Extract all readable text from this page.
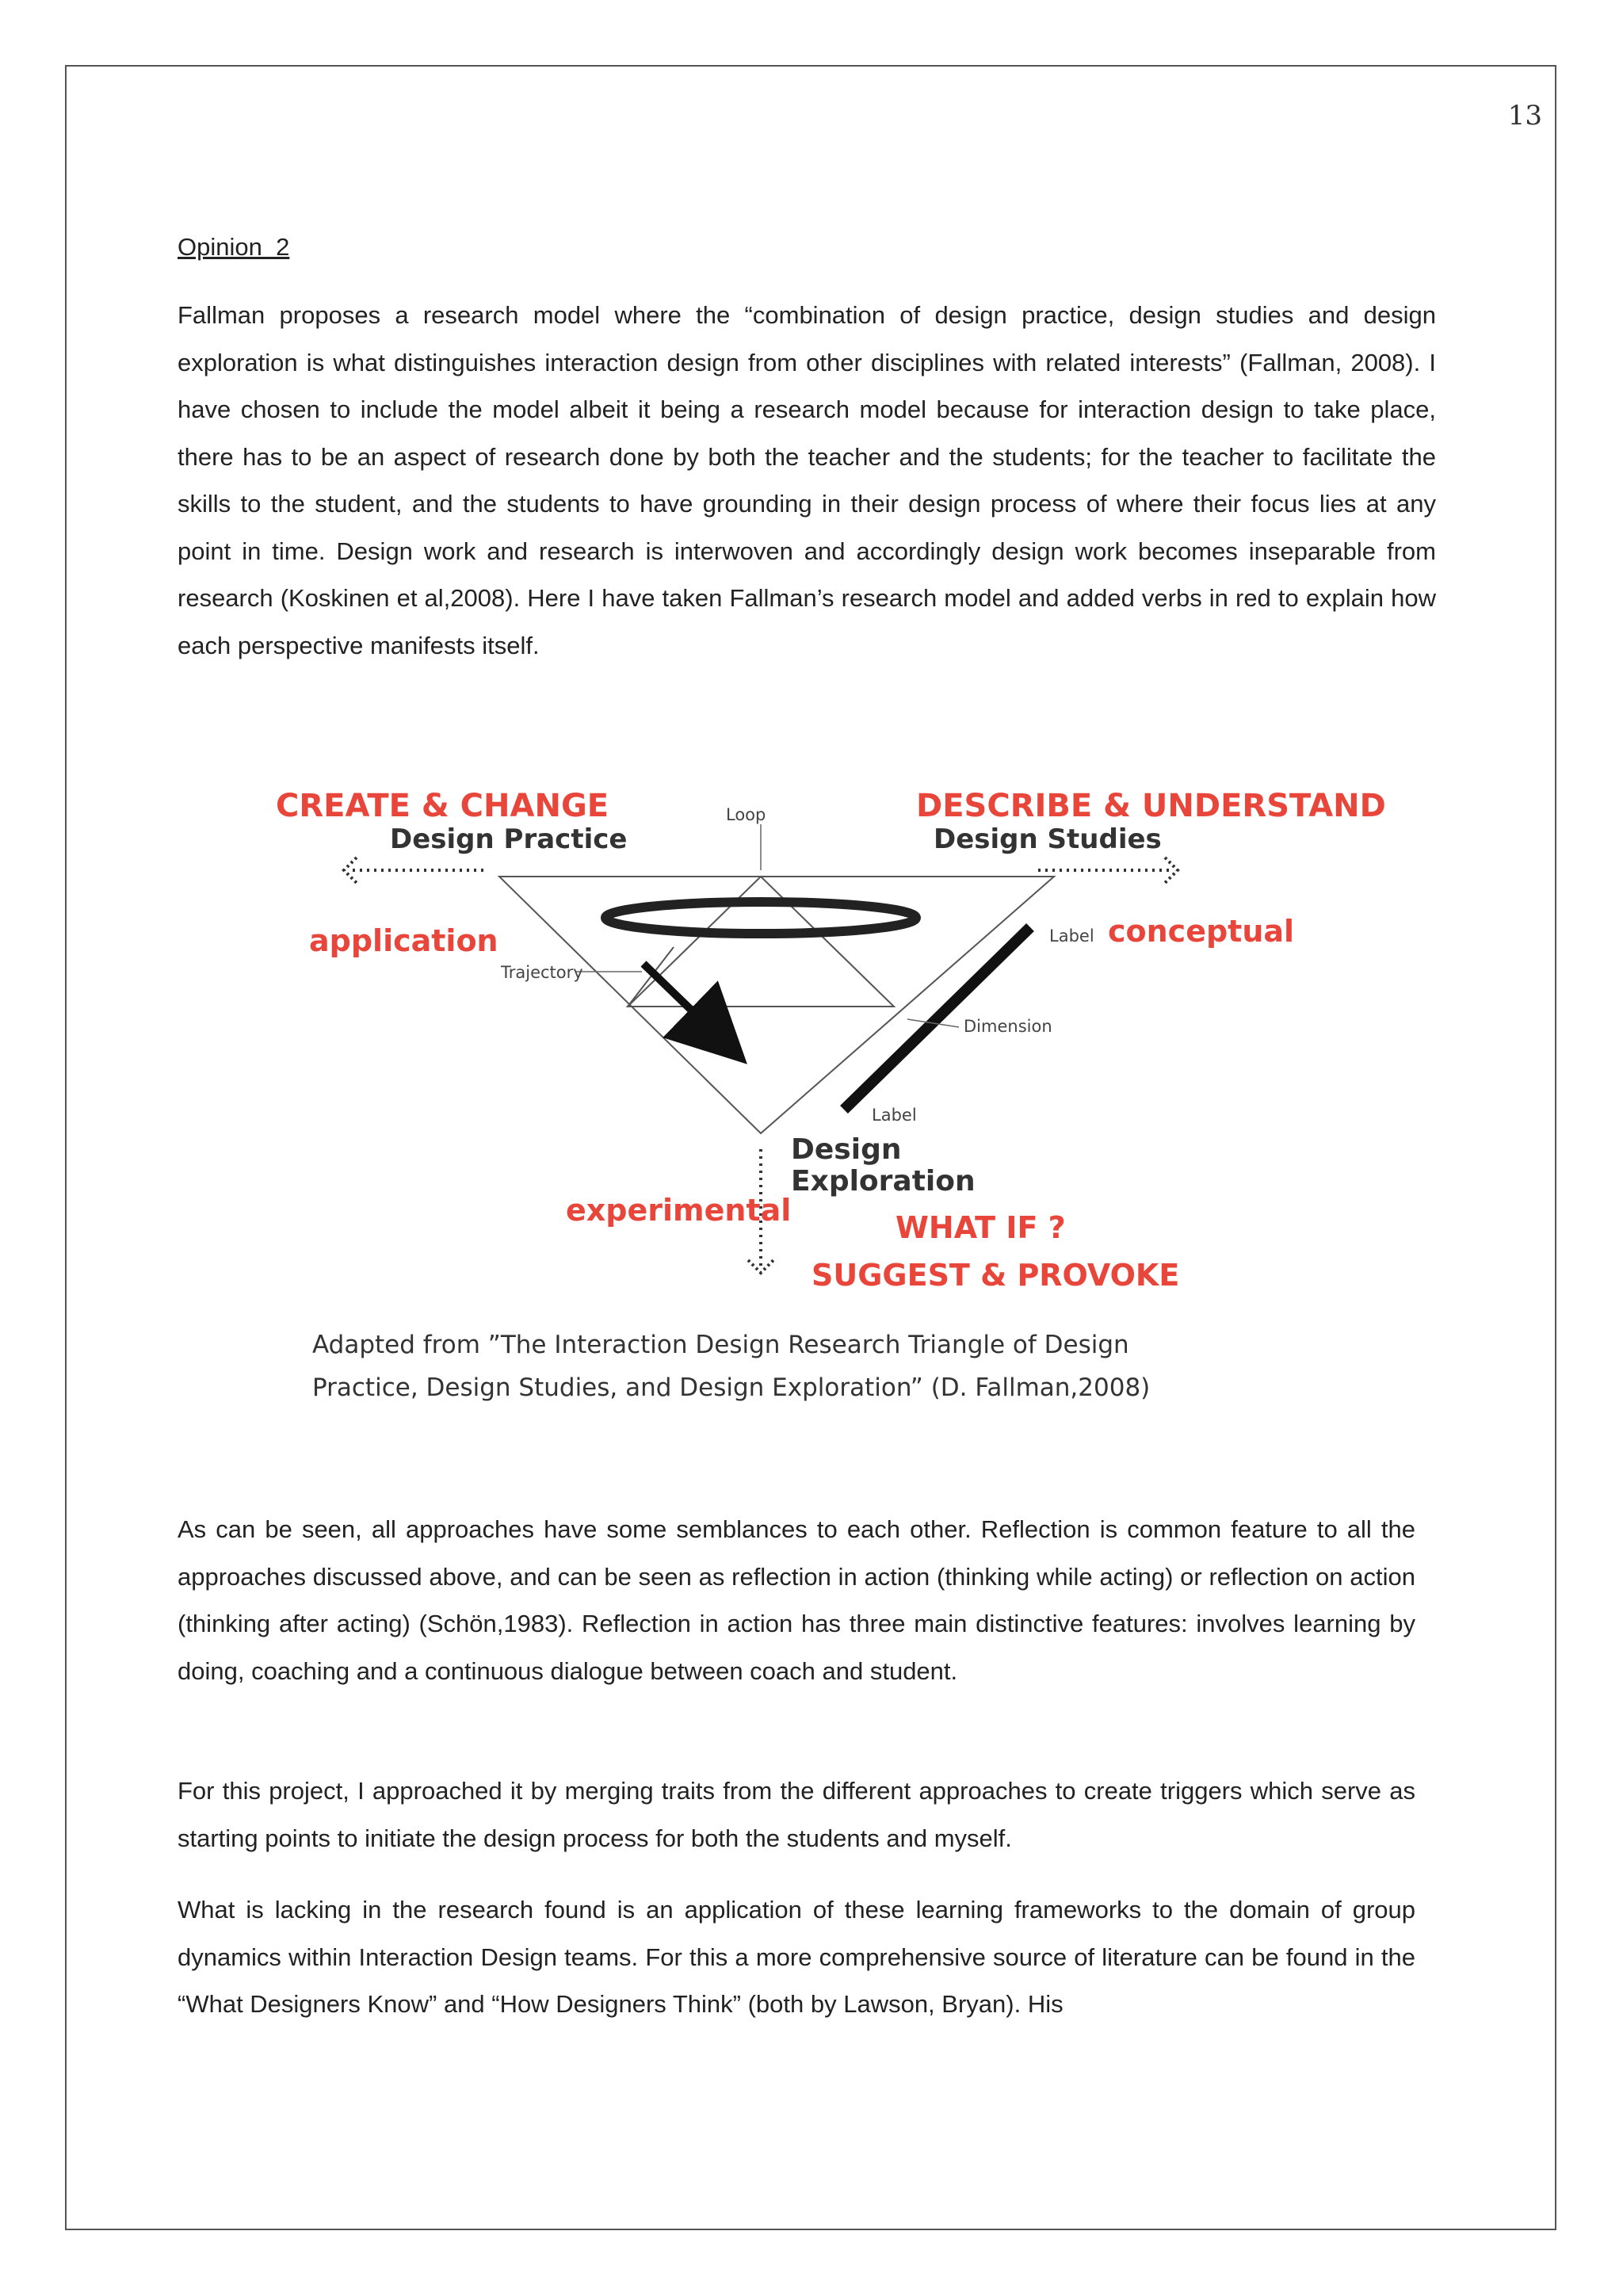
13
Opinion  2

Fallman proposes a research model where the “combination of design practice, design studies and design exploration is what distinguishes interaction design from other disciplines with related interests” (Fallman, 2008). I have chosen to include the model albeit it being a research model because for interaction design to take place, there has to be an aspect of research done by both the teacher and the students; for the teacher to facilitate the skills to the student, and the students to have grounding in their design process of where their focus lies at any point in time. Design work and research is interwoven and accordingly design work becomes inseparable from research (Koskinen et al,2008). Here I have taken Fallman’s research model and added verbs in red to explain how each perspective manifests itself.

CREATE & CHANGE
Design Practice
DESCRIBE & UNDERSTAND
Design Studies
Loop
application	conceptual
Trajectory
Label
Dimension
Label
Design
Exploration
experimental	WHAT IF ?
SUGGEST & PROVOKE
Adapted from ”The Interaction Design Research Triangle of Design
Practice, Design Studies, and Design Exploration” (D. Fallman,2008)

As can be seen, all approaches have some semblances to each other. Reflection is common feature to all the approaches discussed above, and can be seen as reflection in action (thinking while acting) or reflection on action (thinking after acting) (Schön,1983). Reflection in action has three main distinctive features: involves learning by doing, coaching and a continuous dialogue between coach and student.

For this project, I approached it by merging traits from the different approaches to create triggers which serve as starting points to initiate the design process for both the students and myself.

What is lacking in the research found is an application of these learning frameworks to the domain of group dynamics within Interaction Design teams. For this a more comprehensive source of literature can be found in the “What Designers Know” and “How Designers Think” (both by Lawson, Bryan). His
